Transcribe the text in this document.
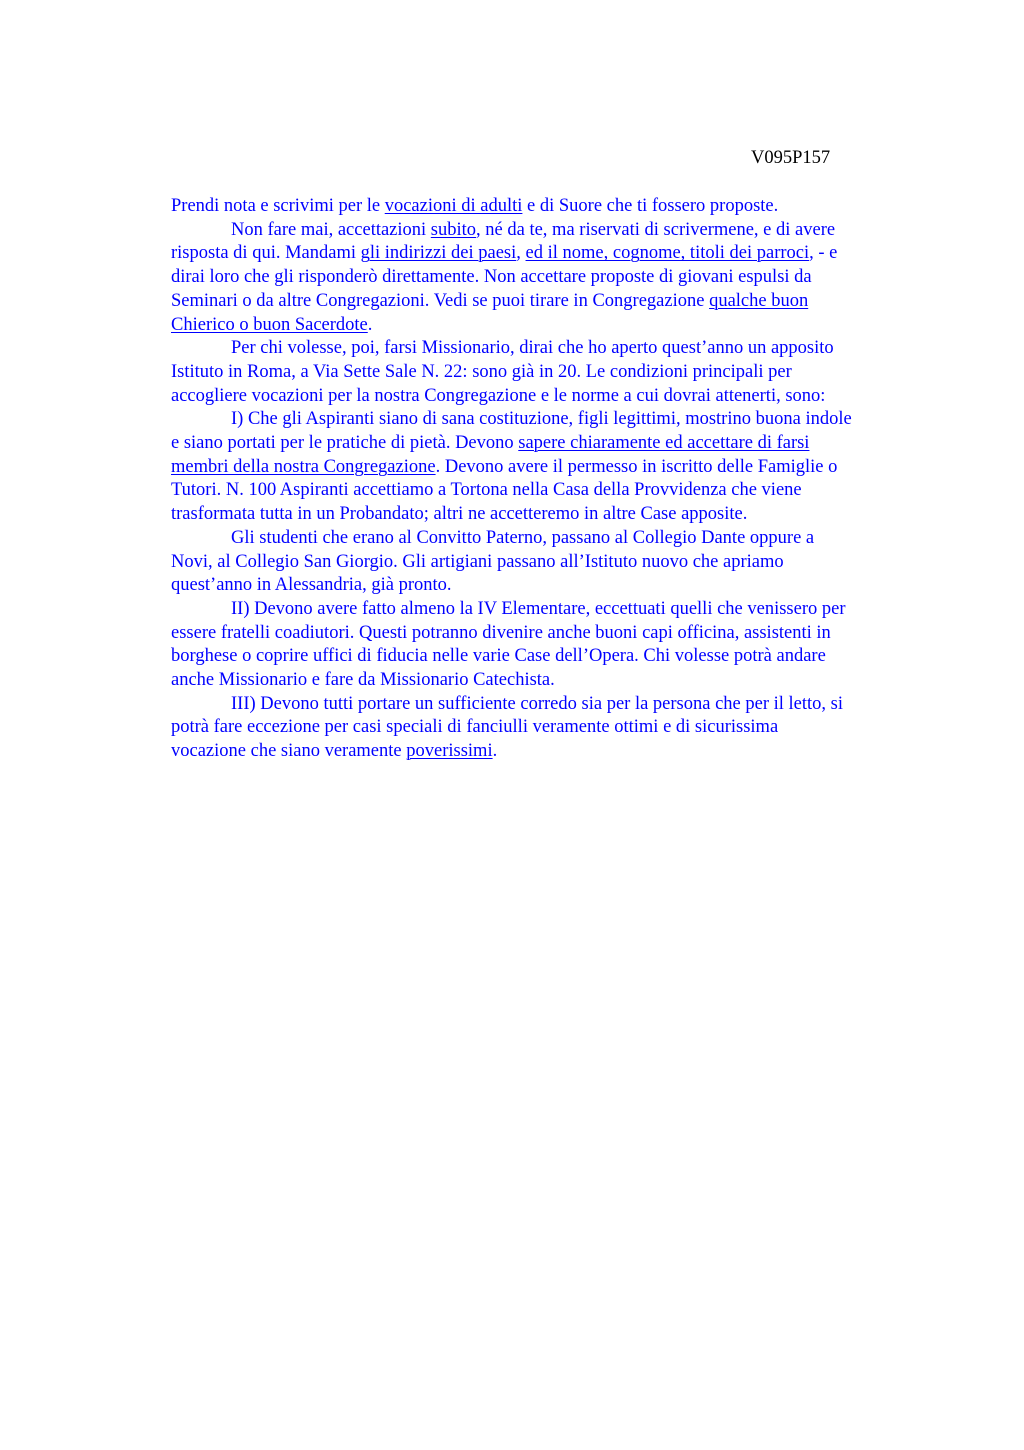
V095P157
Prendi nota e scrivimi per le vocazioni di adulti e di Suore che ti fossero proposte.
Non fare mai, accettazioni subito, né da te, ma riservati di scrivermene, e di avere
risposta di qui. Mandami gli indirizzi dei paesi, ed il nome, cognome, titoli dei parroci, - e
dirai loro che gli risponderò direttamente. Non accettare proposte di giovani espulsi da
Seminari o da altre Congregazioni. Vedi se puoi tirare in Congregazione qualche buon
Chierico o buon Sacerdote.
Per chi volesse, poi, farsi Missionario, dirai che ho aperto quest’anno un apposito
Istituto in Roma, a Via Sette Sale N. 22: sono già in 20. Le condizioni principali per
accogliere vocazioni per la nostra Congregazione e le norme a cui dovrai attenerti, sono:
I) Che gli Aspiranti siano di sana costituzione, figli legittimi, mostrino buona indole
e siano portati per le pratiche di pietà. Devono sapere chiaramente ed accettare di farsi
membri della nostra Congregazione. Devono avere il permesso in iscritto delle Famiglie o
Tutori. N. 100 Aspiranti accettiamo a Tortona nella Casa della Provvidenza che viene
trasformata tutta in un Probandato; altri ne accetteremo in altre Case apposite.
Gli studenti che erano al Convitto Paterno, passano al Collegio Dante oppure a
Novi, al Collegio San Giorgio. Gli artigiani passano all’Istituto nuovo che apriamo
quest’anno in Alessandria, già pronto.
II) Devono avere fatto almeno la IV Elementare, eccettuati quelli che venissero per
essere fratelli coadiutori. Questi potranno divenire anche buoni capi officina, assistenti in
borghese o coprire uffici di fiducia nelle varie Case dell’Opera. Chi volesse potrà andare
anche Missionario e fare da Missionario Catechista.
III) Devono tutti portare un sufficiente corredo sia per la persona che per il letto, si
potrà fare eccezione per casi speciali di fanciulli veramente ottimi e di sicurissima
vocazione che siano veramente poverissimi.
